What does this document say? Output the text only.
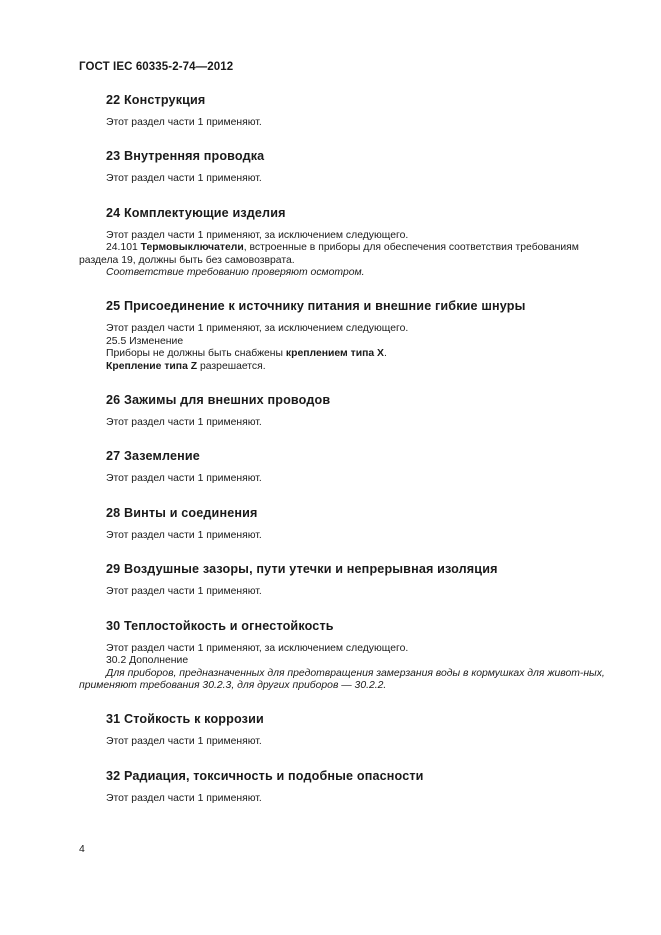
ГОСТ IEC 60335-2-74—2012

22 Конструкция

Этот раздел части 1 применяют.

23 Внутренняя проводка

Этот раздел части 1 применяют.

24 Комплектующие изделия

Этот раздел части 1 применяют, за исключением следующего.

24.101 Термовыключатели, встроенные в приборы для обеспечения соответствия требованиям раздела 19, должны быть без самовозврата.

Соответствие требованию проверяют осмотром.

25 Присоединение к источнику питания и внешние гибкие шнуры

Этот раздел части 1 применяют, за исключением следующего.

25.5 Изменение

Приборы не должны быть снабжены креплением типа X.

Крепление типа Z разрешается.

26 Зажимы для внешних проводов

Этот раздел части 1 применяют.

27 Заземление

Этот раздел части 1 применяют.

28 Винты и соединения

Этот раздел части 1 применяют.

29 Воздушные зазоры, пути утечки и непрерывная изоляция

Этот раздел части 1 применяют.

30 Теплостойкость и огнестойкость

Этот раздел части 1 применяют, за исключением следующего.

30.2 Дополнение

Для приборов, предназначенных для предотвращения замерзания воды в кормушках для живот-ных, применяют требования 30.2.3, для других приборов — 30.2.2.

31 Стойкость к коррозии

Этот раздел части 1 применяют.

32 Радиация, токсичность и подобные опасности

Этот раздел части 1 применяют.

4
